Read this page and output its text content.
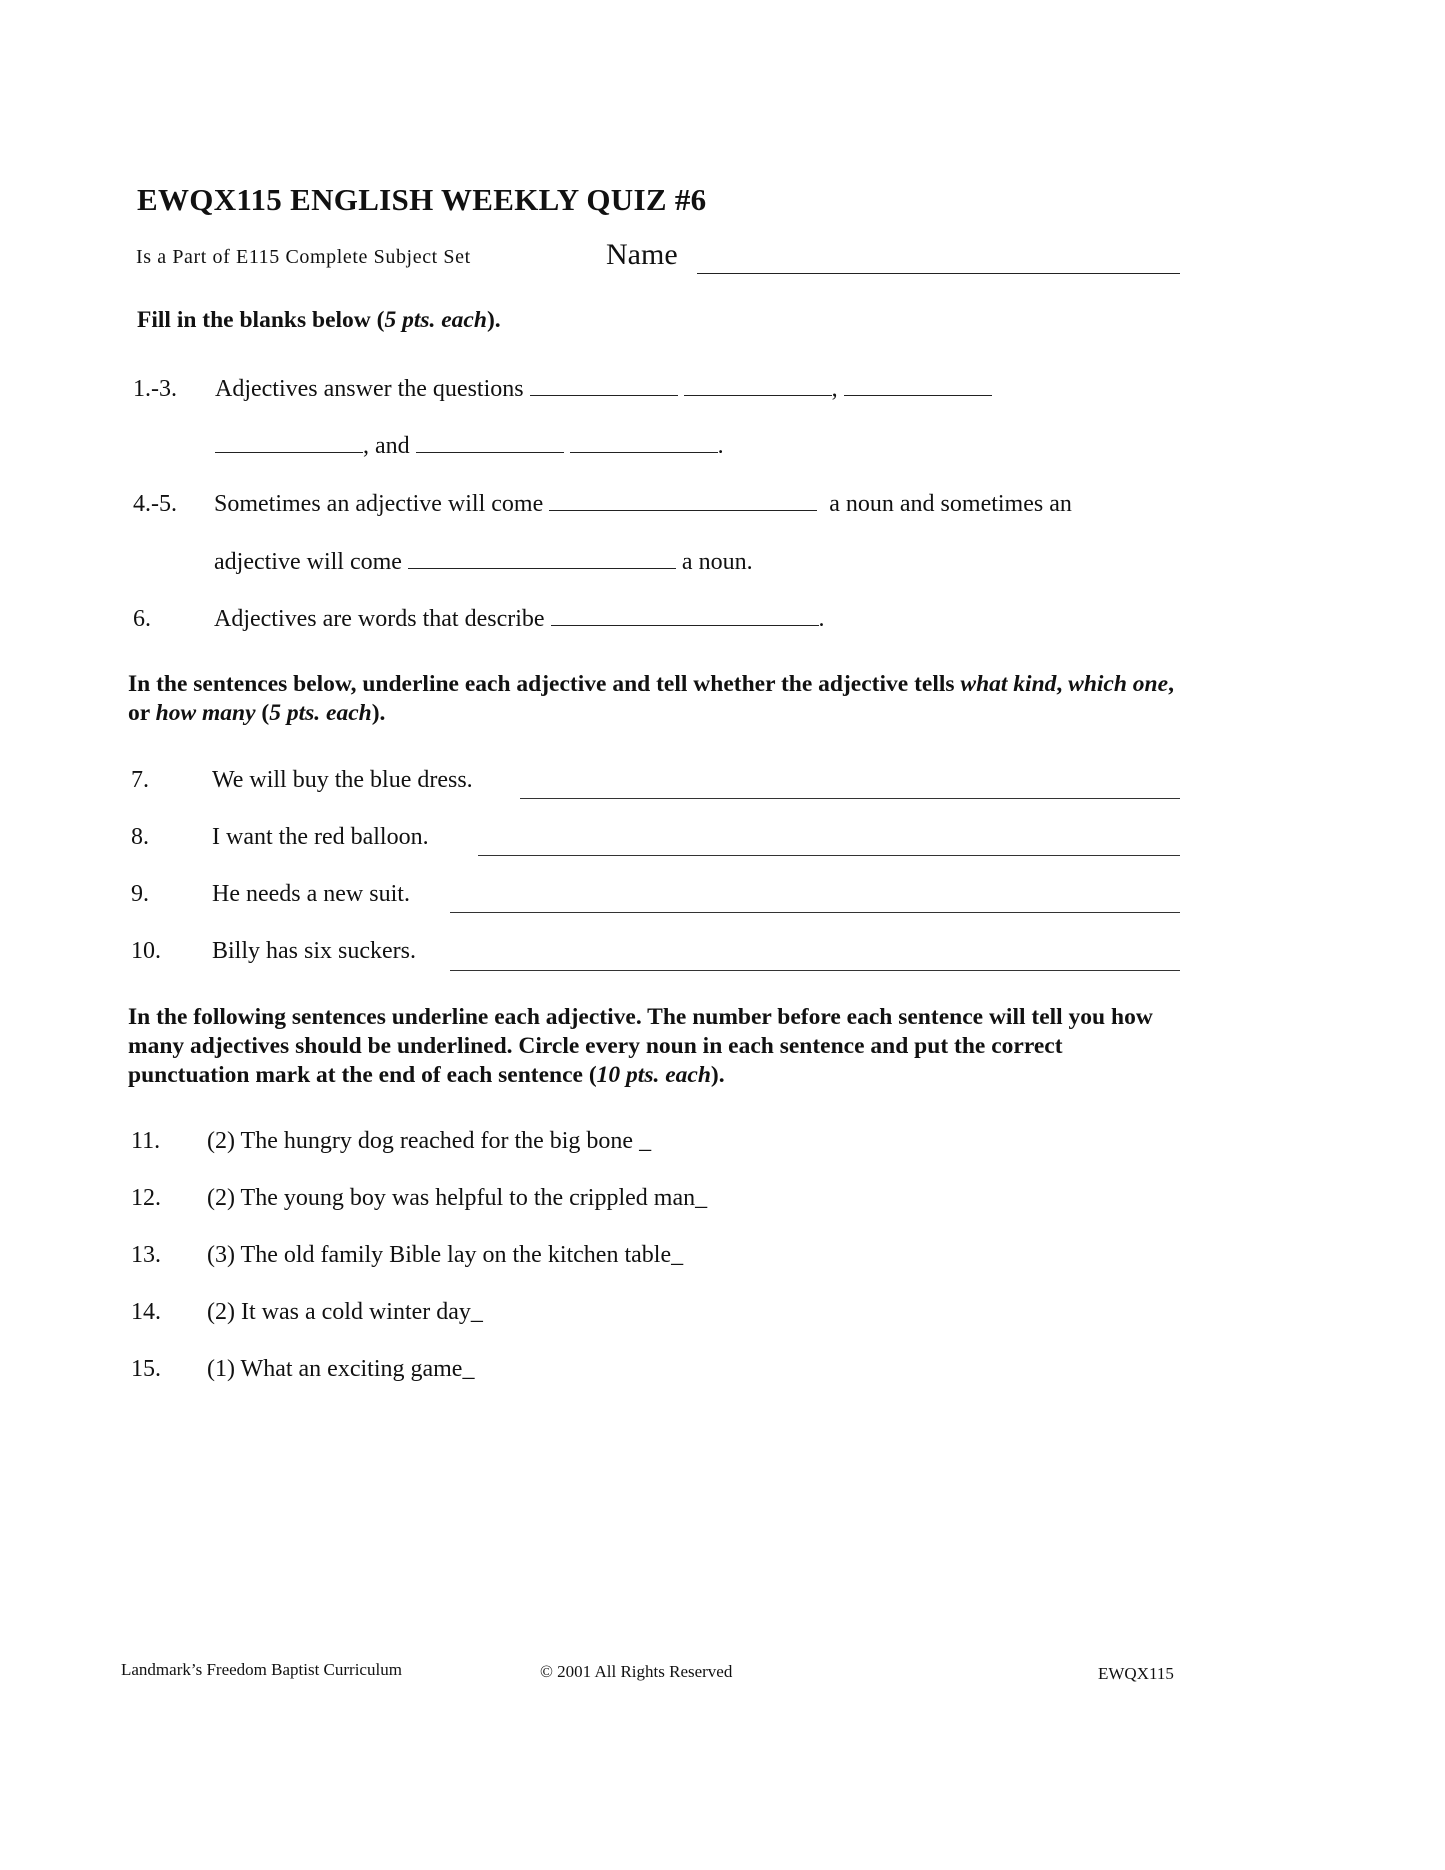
EWQX115 ENGLISH WEEKLY QUIZ #6
Is a Part of E115 Complete Subject Set	Name
Fill in the blanks below (5 pts. each).
1.-3. Adjectives answer the questions	,
, and	.
4.-5. Sometimes an adjective will come	a noun and sometimes an
adjective will come	a noun.
6.	Adjectives are words that describe	.
In the sentences below, underline each adjective and tell whether the adjective tells what kind, which one, or how many (5 pts. each).
7.	We will buy the blue dress.
8.	I want the red balloon.
9.	He needs a new suit.
10. Billy has six suckers.
In the following sentences underline each adjective. The number before each sentence will tell you how many adjectives should be underlined. Circle every noun in each sentence and put the correct punctuation mark at the end of each sentence (10 pts. each).
11. (2) The hungry dog reached for the big bone _
12. (2) The young boy was helpful to the crippled man_
13. (3) The old family Bible lay on the kitchen table_
14. (2) It was a cold winter day_
15. (1) What an exciting game_
Landmark’s Freedom Baptist Curriculum	© 2001 All Rights Reserved	EWQX115
